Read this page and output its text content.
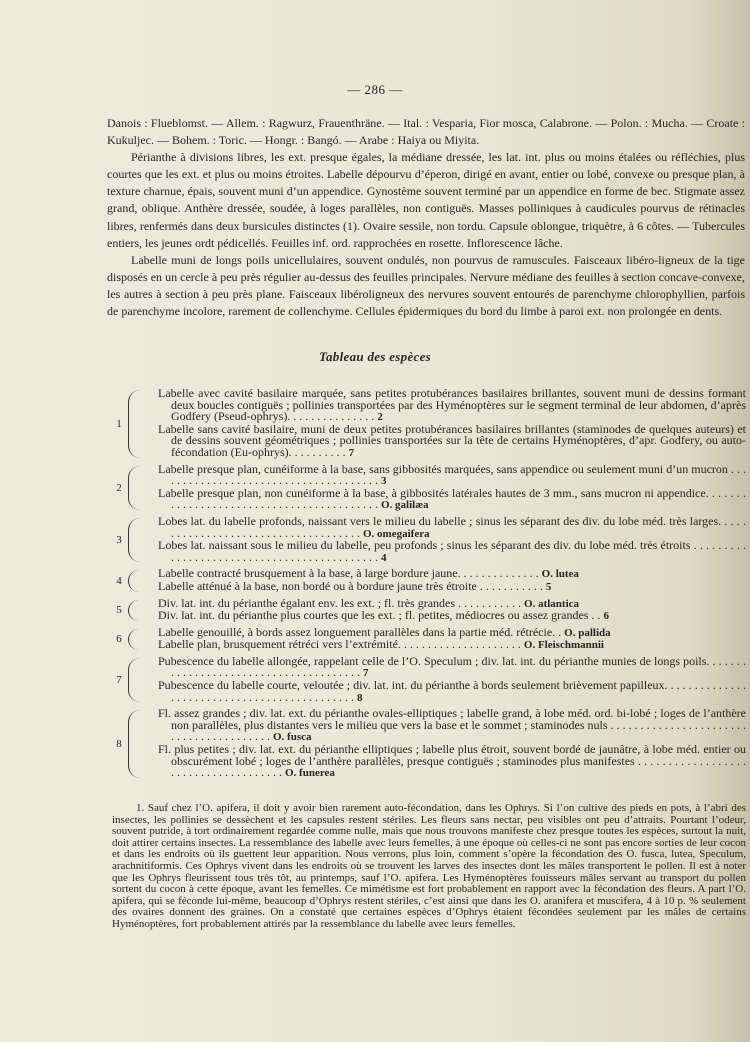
— 286 —

Danois : Flueblomst. — Allem. : Ragwurz, Frauenthräne. — Ital. : Vesparia, Fior mosca, Calabrone. — Polon. : Mucha. — Croate : Kukuljec. — Bohem. : Toric. — Hongr. : Bangó. — Arabe : Haiya ou Miyita.

Périanthe à divisions libres, les ext. presque égales, la médiane dressée, les lat. int. plus ou moins étalées ou réfléchies, plus courtes que les ext. et plus ou moins étroites. Labelle dépourvu d’éperon, dirigé en avant, entier ou lobé, convexe ou presque plan, à texture charnue, épais, souvent muni d’un appendice. Gynostème souvent terminé par un appendice en forme de bec. Stigmate assez grand, oblique. Anthère dressée, soudée, à loges parallèles, non contiguës. Masses polliniques à caudicules pourvus de rétinacles libres, renfermés dans deux bursicules distinctes (1). Ovaire sessile, non tordu. Capsule oblongue, triquètre, à 6 côtes. — Tubercules entiers, les jeunes ordt pédicellés. Feuilles inf. ord. rapprochées en rosette. Inflorescence lâche.

Labelle muni de longs poils unicellulaires, souvent ondulés, non pourvus de ramuscules. Faisceaux libéro-ligneux de la tige disposés en un cercle à peu près régulier au-dessus des feuilles principales. Nervure médiane des feuilles à section concave-convexe, les autres à section à peu près plane. Faisceaux libéroligneux des nervures souvent entourés de parenchyme chlorophyllien, parfois de parenchyme incolore, rarement de collenchyme. Cellules épidermiques du bord du limbe à paroi ext. non prolongée en dents.

Tableau des espèces
1
Labelle avec cavité basilaire marquée, sans petites protubérances basilaires brillantes, souvent muni de dessins formant deux boucles contiguës ; pollinies transportées par des Hyménoptères sur le segment terminal de leur abdomen, d’après Godfery (Pseud-ophrys). . . . . . . . . . . . . . . 2
Labelle sans cavité basilaire, muni de deux petites protubérances basilaires brillantes (staminodes de quelques auteurs) et de dessins souvent géométriques ; pollinies transportées sur la tête de certains Hyménoptères, d’apr. Godfery, ou auto-fécondation (Eu-ophrys). . . . . . . . . . 7
2
Labelle presque plan, cunéiforme à la base, sans gibbosités marquées, sans appendice ou seulement muni d’un mucron . . . . . . . . . . . . . . . . . . . . . . . . . . . . . . . . . . . . . . 3
Labelle presque plan, non cunéiforme à la base, à gibbosités latérales hautes de 3 mm., sans mucron ni appendice. . . . . . . . . . . . . . . . . . . . . . . . . . . . . . . . . . . . . . . . . . O. galilæa
3
Lobes lat. du labelle profonds, naissant vers le milieu du labelle ; sinus les séparant des div. du lobe méd. très larges. . . . . . . . . . . . . . . . . . . . . . . . . . . . . . . . . . . . . O. omegaifera
Lobes lat. naissant sous le milieu du labelle, peu profonds ; sinus les séparant des div. du lobe méd. très étroits . . . . . . . . . . . . . . . . . . . . . . . . . . . . . . . . . . . . . . . . . . . . 4
4
Labelle contracté brusquement à la base, à large bordure jaune. . . . . . . . . . . . . . O. lutea
Labelle atténué à la base, non bordé ou à bordure jaune très étroite . . . . . . . . . . . 5
5
Div. lat. int. du périanthe égalant env. les ext. ; fl. très grandes . . . . . . . . . . . O. atlantica
Div. lat. int. du périanthe plus courtes que les ext. ; fl. petites, médiocres ou assez grandes . . 6
6
Labelle genouillé, à bords assez longuement parallèles dans la partie méd. rétrécie. . O. pallida
Labelle plan, brusquement rétréci vers l’extrémité. . . . . . . . . . . . . . . . . . . . . O. Fleischmannii
7
Pubescence du labelle allongée, rappelant celle de l’O. Speculum ; div. lat. int. du périanthe munies de longs poils. . . . . . . . . . . . . . . . . . . . . . . . . . . . . . . . . . . . . . . 7
Pubescence du labelle courte, veloutée ; div. lat. int. du périanthe à bords seulement brièvement papilleux. . . . . . . . . . . . . . . . . . . . . . . . . . . . . . . . . . . . . . . . . . . . . 8
8
Fl. assez grandes ; div. lat. ext. du périanthe ovales-elliptiques ; labelle grand, à lobe méd. ord. bi-lobé ; loges de l’anthère non parallèles, plus distantes vers le milieu que vers la base et le sommet ; staminodes nuls . . . . . . . . . . . . . . . . . . . . . . . . . . . . . . . . . . . . . . . . O. fusca
Fl. plus petites ; div. lat. ext. du périanthe elliptiques ; labelle plus étroit, souvent bordé de jaunâtre, à lobe méd. entier ou obscurément lobé ; loges de l’anthère parallèles, presque contiguës ; staminodes plus manifestes . . . . . . . . . . . . . . . . . . . . . . . . . . . . . . . . . . . . . O. funerea

1. Sauf chez l’O. apifera, il doit y avoir bien rarement auto-fécondation, dans les Ophrys. Si l’on cultive des pieds en pots, à l’abri des insectes, les pollinies se dessèchent et les capsules restent stériles. Les fleurs sans nectar, peu visibles ont peu d’attraits. Pourtant l’odeur, souvent putride, à tort ordinairement regardée comme nulle, mais que nous trouvons manifeste chez presque toutes les espèces, surtout la nuit, doit attirer certains insectes. La ressemblance des labelle avec leurs femelles, à une époque où celles-ci ne sont pas encore sorties de leur cocon et dans les endroits où ils guettent leur apparition. Nous verrons, plus loin, comment s’opère la fécondation des O. fusca, lutea, Speculum, arachnitiformis. Ces Ophrys vivent dans les endroits où se trouvent les larves des insectes dont les mâles transportent le pollen. Il est à noter que les Ophrys fleurissent tous très tôt, au printemps, sauf l’O. apifera. Les Hyménoptères fouisseurs mâles servant au transport du pollen sortent du cocon à cette époque, avant les femelles. Ce mimétisme est fort probablement en rapport avec la fécondation des fleurs. A part l’O. apifera, qui se féconde lui-même, beaucoup d’Ophrys restent stériles, c’est ainsi que dans les O. aranifera et muscifera, 4 à 10 p. % seulement des ovaires donnent des graines. On a constaté que certaines espèces d’Ophrys étaient fécondées seulement par les mâles de certains Hyménoptères, fort probablement attirés par la ressemblance du labelle avec leurs femelles.
